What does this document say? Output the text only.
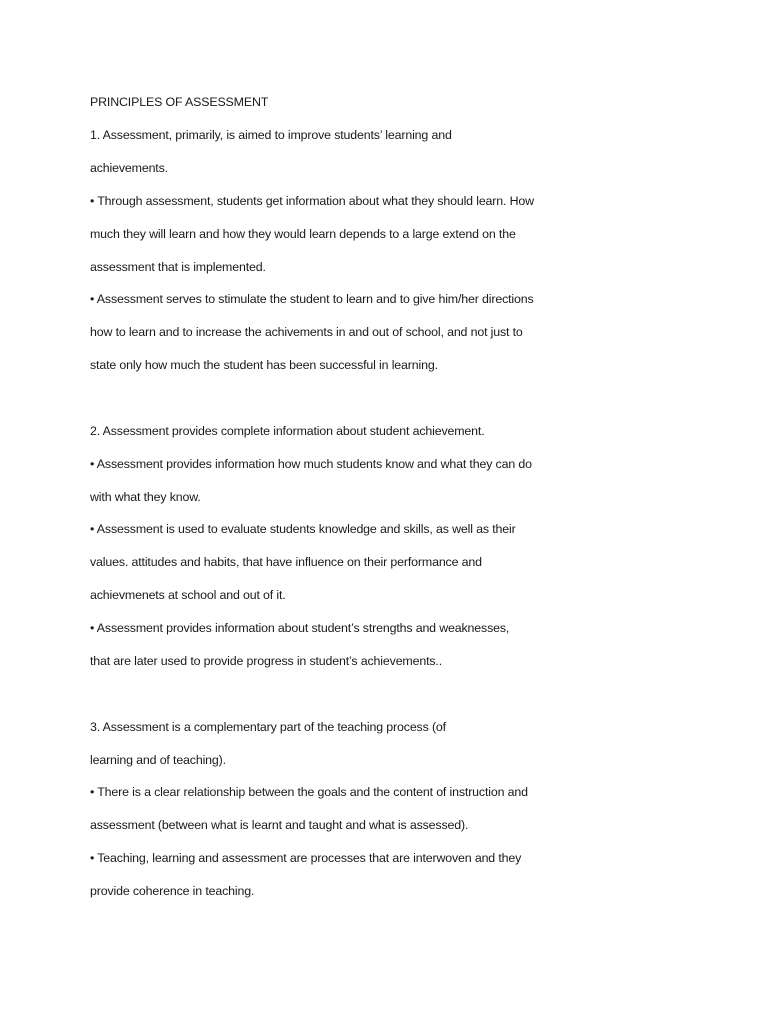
PRINCIPLES OF ASSESSMENT

1. Assessment, primarily, is aimed to improve students’ learning and

achievements.

• Through assessment, students get information about what they should learn. How

much they will learn and how they would learn depends to a large extend on the

assessment that is implemented.

• Assessment serves to stimulate the student to learn and to give him/her directions

how to learn and to increase the achivements in and out of school, and not just to

state only how much the student has been successful in learning.

2. Assessment provides complete information about student achievement.

• Assessment provides information how much students know and what they can do

with what they know.

• Assessment is used to evaluate students knowledge and skills, as well as their

values. attitudes and habits, that have influence on their performance and

achievmenets at school and out of it.

• Assessment provides information about student’s strengths and weaknesses,

that are later used to provide progress in student’s achievements..

3. Assessment is a complementary part of the teaching process (of

learning and of teaching).

• There is a clear relationship between the goals and the content of instruction and

assessment (between what is learnt and taught and what is assessed).

• Teaching, learning and assessment are processes that are interwoven and they

provide coherence in teaching.
